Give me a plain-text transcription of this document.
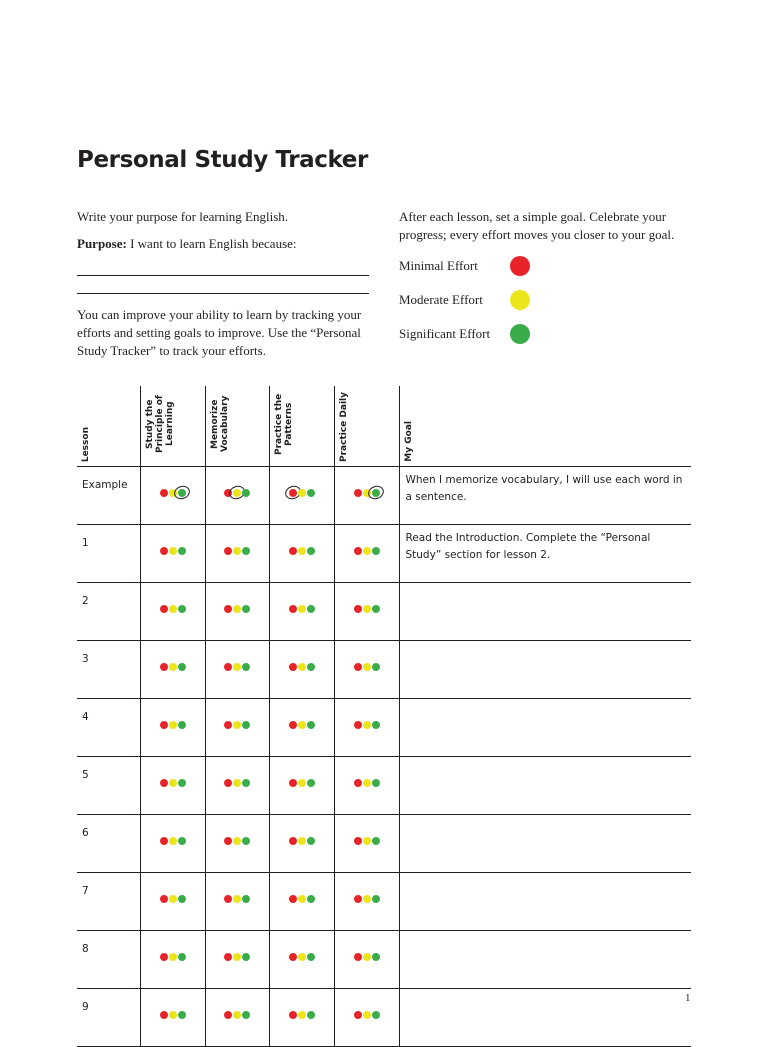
Personal Study Tracker
Write your purpose for learning English.
Purpose: I want to learn English because:
You can improve your ability to learn by tracking your efforts and setting goals to improve. Use the “Personal Study Tracker” to track your efforts.
After each lesson, set a simple goal. Celebrate your progress; every effort moves you closer to your goal.
Minimal Effort
Moderate Effort
Significant Effort
Lesson	Study the Principle of Learning	Memorize Vocabulary	Practice the Patterns	Practice Daily	My Goal

Example					When I memorize vocabulary, I will use each word in a sentence.
1					Read the Introduction. Complete the “Personal Study” section for lesson 2.
2	

3	

4	

5	

6	

7	

8	

9	

1
